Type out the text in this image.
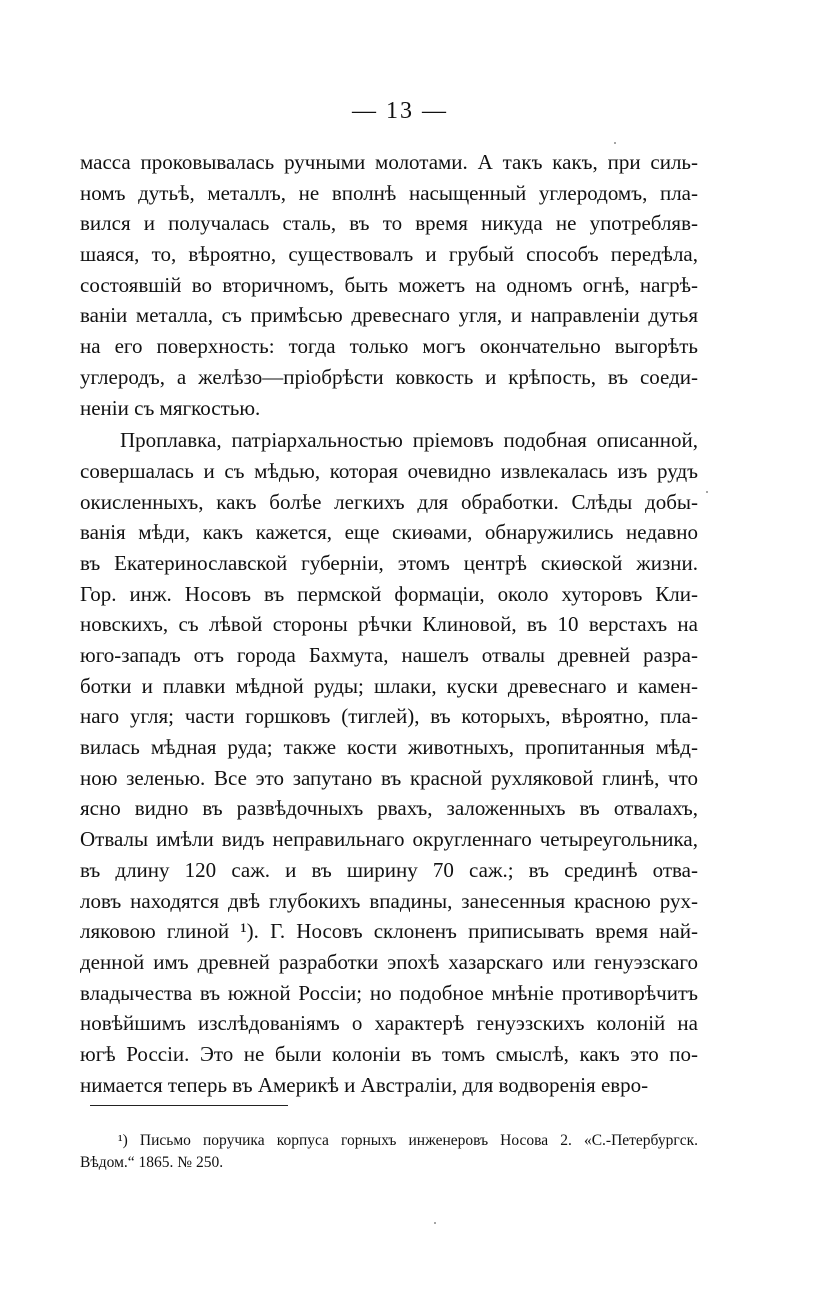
— 13 —

масса проковывалась ручными молотами. А такъ какъ, при силь-

номъ дутьѣ, металлъ, не вполнѣ насыщенный углеродомъ, пла-

вился и получалась сталь, въ то время никуда не употребляв-

шаяся, то, вѣроятно, существовалъ и грубый способъ передѣла,

состоявшій во вторичномъ, быть можетъ на одномъ огнѣ, нагрѣ-

ваніи металла, съ примѣсью древеснаго угля, и направленіи дутья

на его поверхность: тогда только могъ окончательно выгорѣть

углеродъ, а желѣзо—пріобрѣсти ковкость и крѣпость, въ соеди-

неніи съ мягкостью.

Проплавка, патріархальностью пріемовъ подобная описанной,

совершалась и съ мѣдью, которая очевидно извлекалась изъ рудъ

окисленныхъ, какъ болѣе легкихъ для обработки. Слѣды добы-

ванія мѣди, какъ кажется, еще скиѳами, обнаружились недавно

въ Екатеринославской губерніи, этомъ центрѣ скиѳской жизни.

Гор. инж. Носовъ въ пермской формаціи, около хуторовъ Кли-

новскихъ, съ лѣвой стороны рѣчки Клиновой, въ 10 верстахъ на

юго-западъ отъ города Бахмута, нашелъ отвалы древней разра-

ботки и плавки мѣдной руды; шлаки, куски древеснаго и камен-

наго угля; части горшковъ (тиглей), въ которыхъ, вѣроятно, пла-

вилась мѣдная руда; также кости животныхъ, пропитанныя мѣд-

ною зеленью. Все это запутано въ красной рухляковой глинѣ, что

ясно видно въ развѣдочныхъ рвахъ, заложенныхъ въ отвалахъ,

Отвалы имѣли видъ неправильнаго округленнаго четыреугольника,

въ длину 120 саж. и въ ширину 70 саж.; въ срединѣ отва-

ловъ находятся двѣ глубокихъ впадины, занесенныя красною рух-

ляковою глиной ¹). Г. Носовъ склоненъ приписывать время най-

денной имъ древней разработки эпохѣ хазарскаго или генуэзскаго

владычества въ южной Россіи; но подобное мнѣніе противорѣчитъ

новѣйшимъ изслѣдованіямъ о характерѣ генуэзскихъ колоній на

югѣ Россіи. Это не были колоніи въ томъ смыслѣ, какъ это по-

нимается теперь въ Америкѣ и Австраліи, для водворенія евро-

¹) Письмо поручика корпуса горныхъ инженеровъ Носова 2. «С.-Петербургск.
Вѣдом.“ 1865. № 250.
